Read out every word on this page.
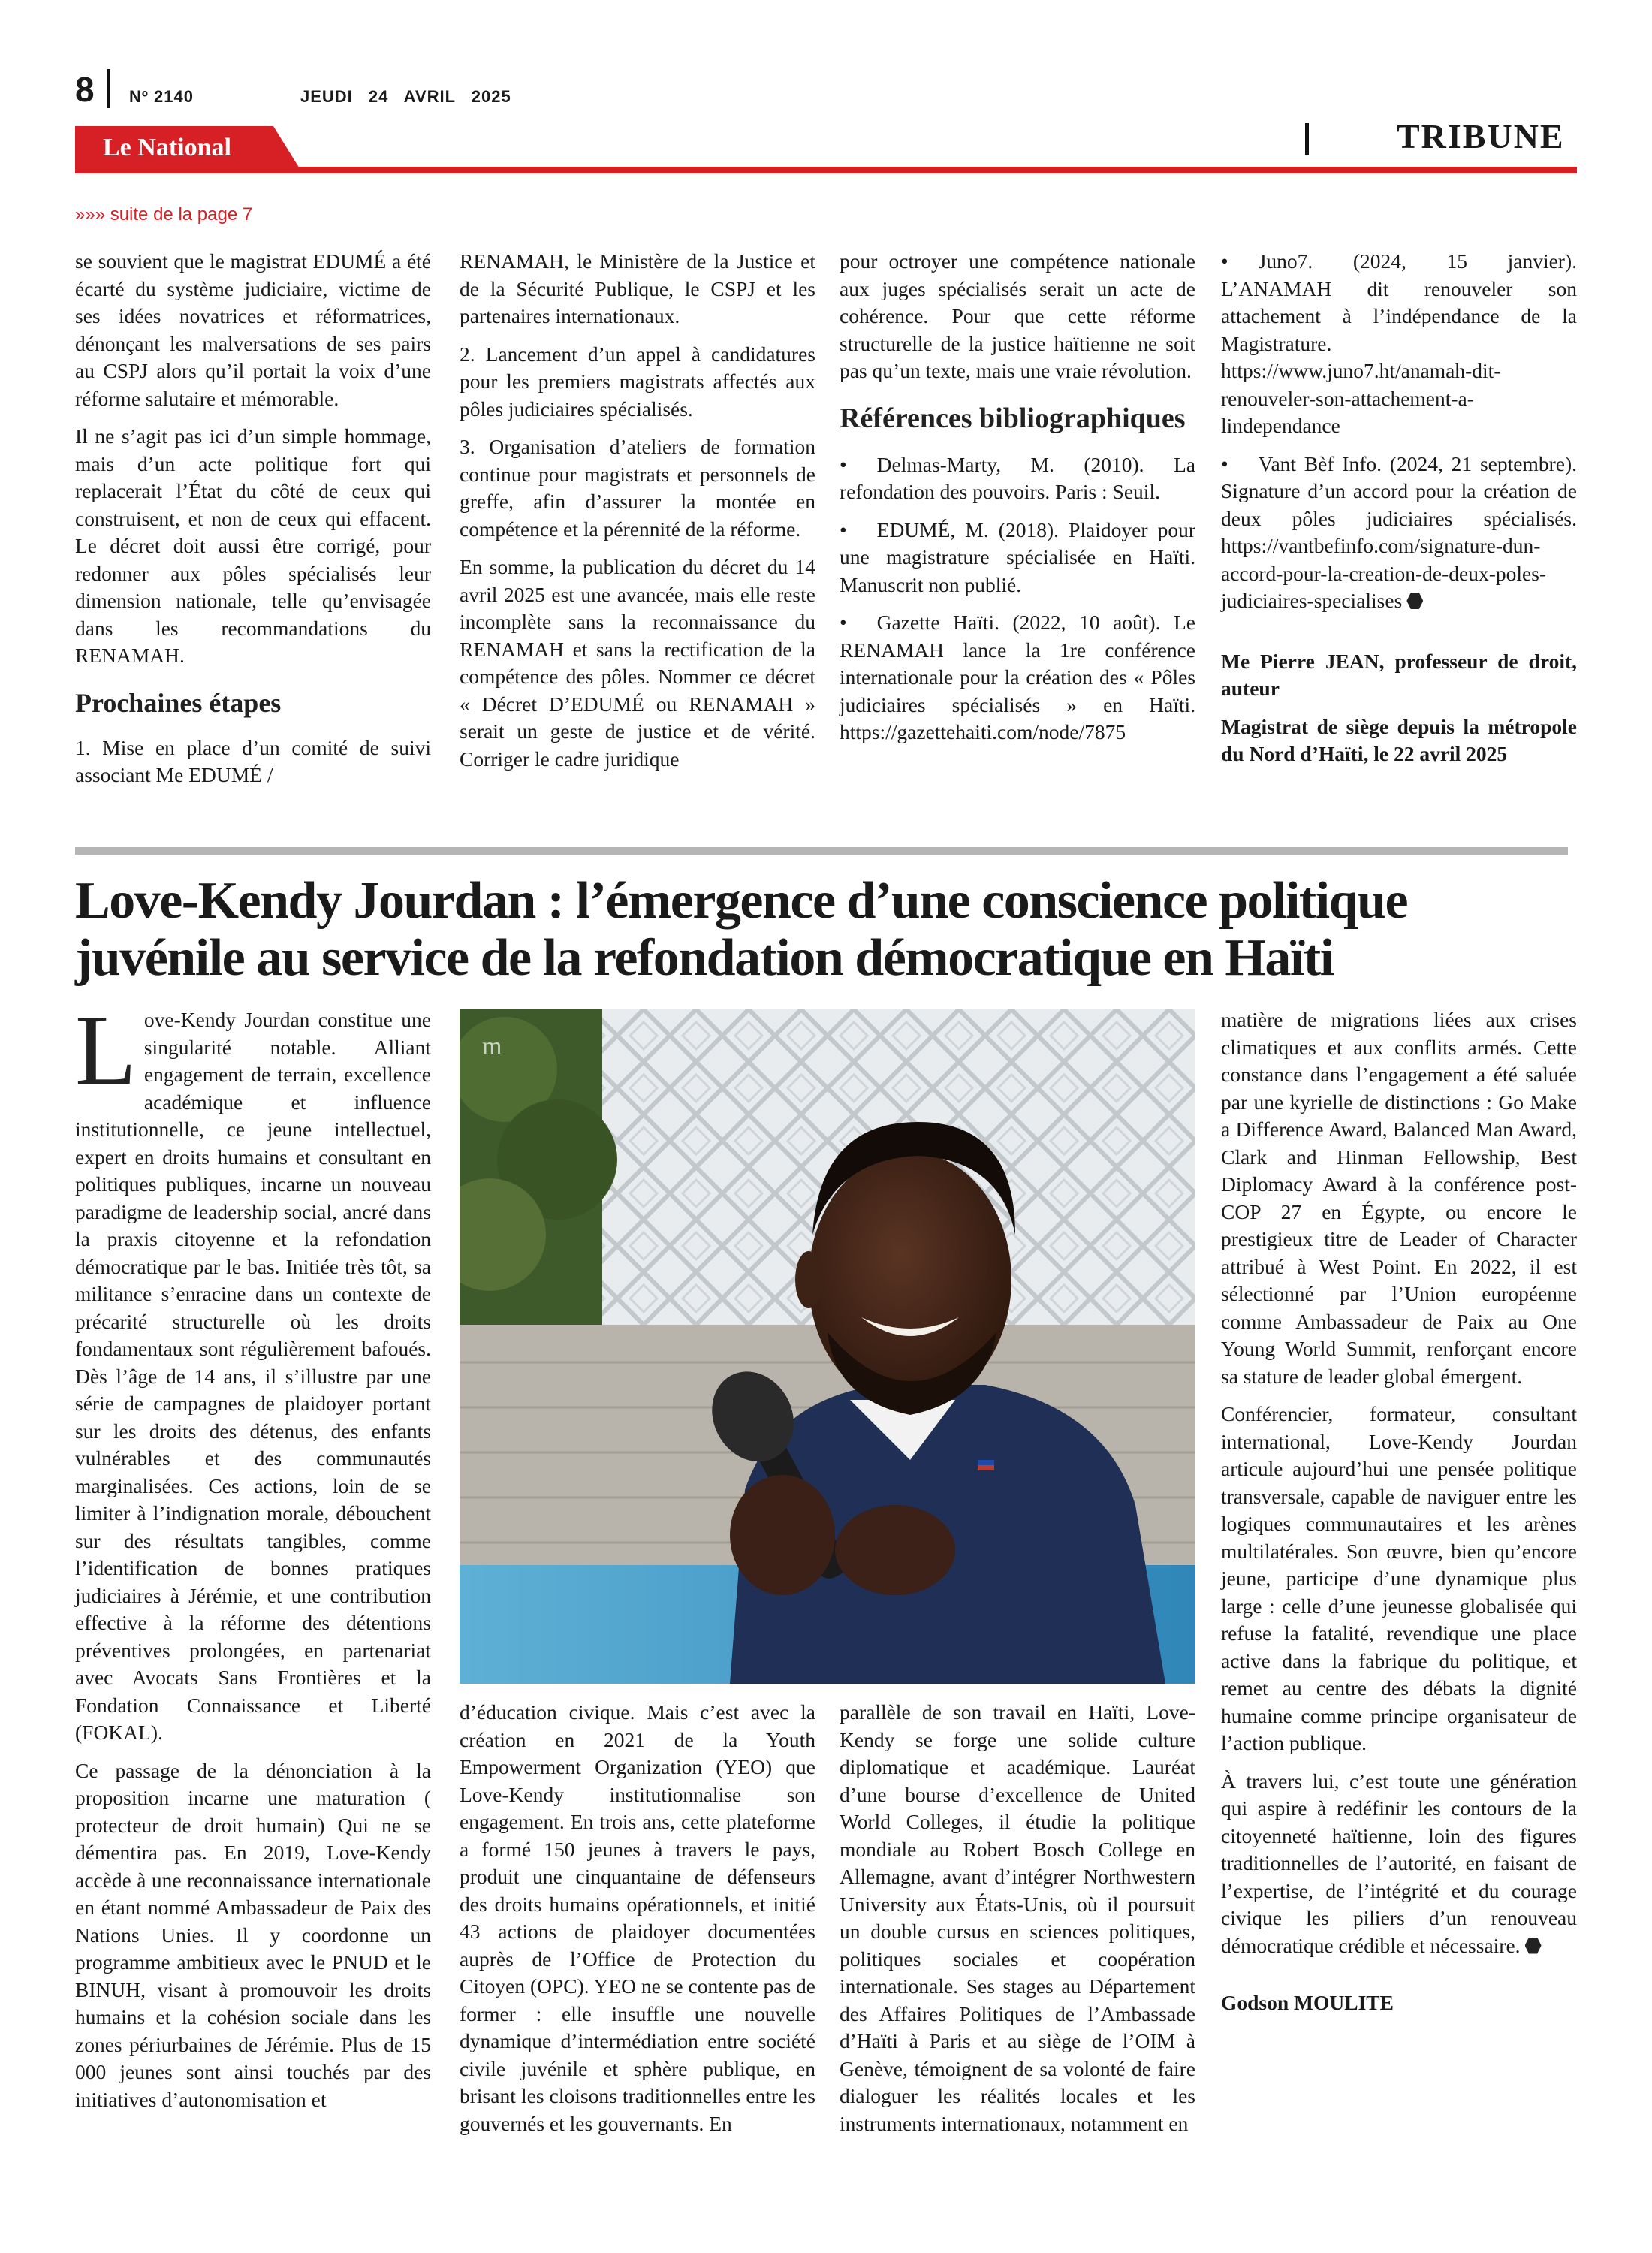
8 Nº 2140	JEUDI 24 AVRIL 2025
Le National	TRIBUNE
»»» suite de la page 7

se souvient que le magistrat EDUMÉ a été écarté du système judiciaire, victime de ses idées novatrices et réformatrices, dénonçant les malversations de ses pairs au CSPJ alors qu’il portait la voix d’une réforme salutaire et mémorable.

Il ne s’agit pas ici d’un simple hommage, mais d’un acte politique fort qui replacerait l’État du côté de ceux qui construisent, et non de ceux qui effacent. Le décret doit aussi être corrigé, pour redonner aux pôles spécialisés leur dimension nationale, telle qu’envisagée dans les recommandations du RENAMAH.

Prochaines étapes

1. Mise en place d’un comité de suivi associant Me EDUMÉ /

RENAMAH, le Ministère de la Justice et de la Sécurité Publique, le CSPJ et les partenaires internationaux.

2. Lancement d’un appel à candidatures pour les premiers magistrats affectés aux pôles judiciaires spécialisés.

3. Organisation d’ateliers de formation continue pour magistrats et personnels de greffe, afin d’assurer la montée en compétence et la pérennité de la réforme.

En somme, la publication du décret du 14 avril 2025 est une avancée, mais elle reste incomplète sans la reconnaissance du RENAMAH et sans la rectification de la compétence des pôles. Nommer ce décret « Décret D’EDUMÉ ou RENAMAH » serait un geste de justice et de vérité. Corriger le cadre juridique

pour octroyer une compétence nationale aux juges spécialisés serait un acte de cohérence. Pour que cette réforme structurelle de la justice haïtienne ne soit pas qu’un texte, mais une vraie révolution.

Références bibliographiques

• Delmas-Marty, M. (2010). La refondation des pouvoirs. Paris : Seuil.

• EDUMÉ, M. (2018). Plaidoyer pour une magistrature spécialisée en Haïti. Manuscrit non publié.

• Gazette Haïti. (2022, 10 août). Le RENAMAH lance la 1re conférence internationale pour la création des « Pôles judiciaires spécialisés » en Haïti. https://gazettehaiti.com/node/7875

• Juno7. (2024, 15 janvier). L’ANAMAH dit renouveler son attachement à l’indépendance de la Magistrature. https://www.juno7.ht/anamah-dit-renouveler-son-attachement-a-lindependance

• Vant Bèf Info. (2024, 21 septembre). Signature d’un accord pour la création de deux pôles judiciaires spécialisés. https://vantbefinfo.com/signature-dun-accord-pour-la-creation-de-deux-poles-judiciaires-specialises

Me Pierre JEAN, professeur de droit, auteur

Magistrat de siège depuis la métropole du Nord d’Haïti, le 22 avril 2025

Love-Kendy Jourdan : l’émergence d’une conscience politique juvénile au service de la refondation démocratique en Haïti

Love-Kendy Jourdan constitue une singularité notable. Alliant engagement de terrain, excellence académique et influence institutionnelle, ce jeune intellectuel, expert en droits humains et consultant en politiques publiques, incarne un nouveau paradigme de leadership social, ancré dans la praxis citoyenne et la refondation démocratique par le bas. Initiée très tôt, sa militance s’enracine dans un contexte de précarité structurelle où les droits fondamentaux sont régulièrement bafoués. Dès l’âge de 14 ans, il s’illustre par une série de campagnes de plaidoyer portant sur les droits des détenus, des enfants vulnérables et des communautés marginalisées. Ces actions, loin de se limiter à l’indignation morale, débouchent sur des résultats tangibles, comme l’identification de bonnes pratiques judiciaires à Jérémie, et une contribution effective à la réforme des détentions préventives prolongées, en partenariat avec Avocats Sans Frontières et la Fondation Connaissance et Liberté (FOKAL).

Ce passage de la dénonciation à la proposition incarne une maturation ( protecteur de droit humain) Qui ne se démentira pas. En 2019, Love-Kendy accède à une reconnaissance internationale en étant nommé Ambassadeur de Paix des Nations Unies. Il y coordonne un programme ambitieux avec le PNUD et le BINUH, visant à promouvoir les droits humains et la cohésion sociale dans les zones périurbaines de Jérémie. Plus de 15 000 jeunes sont ainsi touchés par des initiatives d’autonomisation et

m

d’éducation civique. Mais c’est avec la création en 2021 de la Youth Empowerment Organization (YEO) que Love-Kendy institutionnalise son engagement. En trois ans, cette plateforme a formé 150 jeunes à travers le pays, produit une cinquantaine de défenseurs des droits humains opérationnels, et initié 43 actions de plaidoyer documentées auprès de l’Office de Protection du Citoyen (OPC). YEO ne se contente pas de former : elle insuffle une nouvelle dynamique d’intermédiation entre société civile juvénile et sphère publique, en brisant les cloisons traditionnelles entre les gouvernés et les gouvernants. En

parallèle de son travail en Haïti, Love-Kendy se forge une solide culture diplomatique et académique. Lauréat d’une bourse d’excellence de United World Colleges, il étudie la politique mondiale au Robert Bosch College en Allemagne, avant d’intégrer Northwestern University aux États-Unis, où il poursuit un double cursus en sciences politiques, politiques sociales et coopération internationale. Ses stages au Département des Affaires Politiques de l’Ambassade d’Haïti à Paris et au siège de l’OIM à Genève, témoignent de sa volonté de faire dialoguer les réalités locales et les instruments internationaux, notamment en

matière de migrations liées aux crises climatiques et aux conflits armés. Cette constance dans l’engagement a été saluée par une kyrielle de distinctions : Go Make a Difference Award, Balanced Man Award, Clark and Hinman Fellowship, Best Diplomacy Award à la conférence post-COP 27 en Égypte, ou encore le prestigieux titre de Leader of Character attribué à West Point. En 2022, il est sélectionné par l’Union européenne comme Ambassadeur de Paix au One Young World Summit, renforçant encore sa stature de leader global émergent.

Conférencier, formateur, consultant international, Love-Kendy Jourdan articule aujourd’hui une pensée politique transversale, capable de naviguer entre les logiques communautaires et les arènes multilatérales. Son œuvre, bien qu’encore jeune, participe d’une dynamique plus large : celle d’une jeunesse globalisée qui refuse la fatalité, revendique une place active dans la fabrique du politique, et remet au centre des débats la dignité humaine comme principe organisateur de l’action publique.

À travers lui, c’est toute une génération qui aspire à redéfinir les contours de la citoyenneté haïtienne, loin des figures traditionnelles de l’autorité, en faisant de l’expertise, de l’intégrité et du courage civique les piliers d’un renouveau démocratique crédible et nécessaire.

Godson MOULITE
